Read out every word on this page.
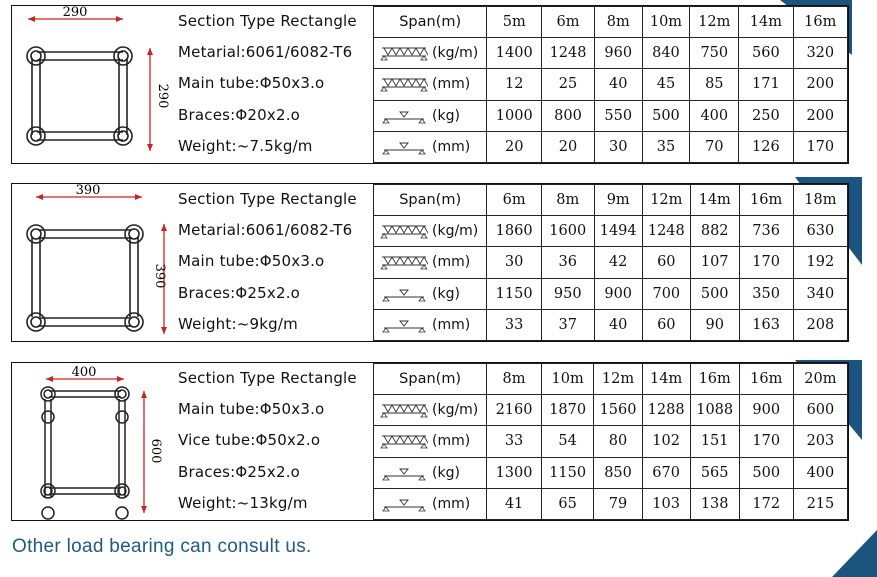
290
290
Section Type Rectangle
Metarial:6061/6082-T6
Main tube:Φ50x3.o
Braces:Φ20x2.o
Weight:~7.5kg/m
Span(m)	5m	6m	8m	10m	12m	14m	16m
(kg/m)	1400	1248	960	840	750	560	320
(mm)	12	25	40	45	85	171	200
(kg)	1000	800	550	500	400	250	200
(mm)	20	20	30	35	70	126	170
390
390
Section Type Rectangle
Metarial:6061/6082-T6
Main tube:Φ50x3.o
Braces:Φ25x2.o
Weight:~9kg/m
Span(m)	6m	8m	9m	12m	14m	16m	18m
(kg/m)	1860	1600	1494	1248	882	736	630
(mm)	30	36	42	60	107	170	192
(kg)	1150	950	900	700	500	350	340
(mm)	33	37	40	60	90	163	208
400
600
Section Type Rectangle
Main tube:Φ50x3.o
Vice tube:Φ50x2.o
Braces:Φ25x2.o
Weight:~13kg/m
Span(m)	8m	10m	12m	14m	16m	16m	20m
(kg/m)	2160	1870	1560	1288	1088	900	600
(mm)	33	54	80	102	151	170	203
(kg)	1300	1150	850	670	565	500	400
(mm)	41	65	79	103	138	172	215
Other load bearing can consult us.
